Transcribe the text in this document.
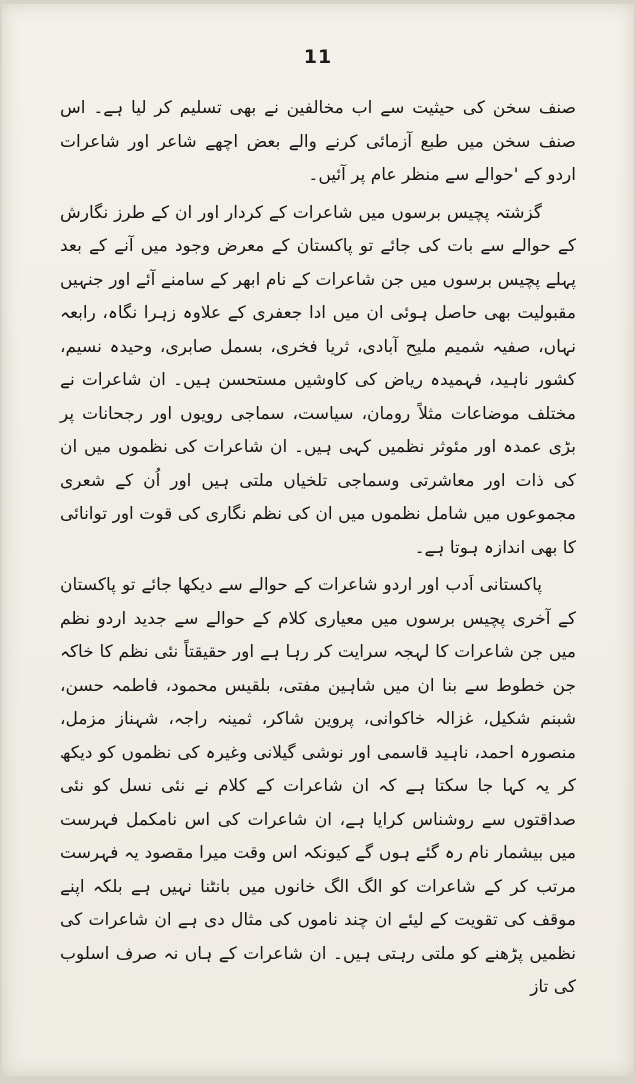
11

صنف سخن کی حیثیت سے اب مخالفین نے بھی تسلیم کر لیا ہے۔ اس صنف سخن میں طبع آزمائی کرنے والے بعض اچھے شاعر اور شاعرات اردو کے 'حوالے سے منظر عام پر آئیں۔

گزشتہ پچیس برسوں میں شاعرات کے کردار اور ان کے طرز نگارش کے حوالے سے بات کی جائے تو پاکستان کے معرض وجود میں آنے کے بعد پہلے پچیس برسوں میں جن شاعرات کے نام ابھر کے سامنے آئے اور جنہیں مقبولیت بھی حاصل ہوئی ان میں ادا جعفری کے علاوہ زہرا نگاہ، رابعہ نہاں، صفیہ شمیم ملیح آبادی، ثریا فخری، بسمل صابری، وحیدہ نسیم، کشور ناہید، فہمیدہ ریاض کی کاوشیں مستحسن ہیں۔ ان شاعرات نے مختلف موضاعات مثلاً رومان، سیاست، سماجی رویوں اور رجحانات پر بڑی عمدہ اور مئوثر نظمیں کہی ہیں۔ ان شاعرات کی نظموں میں ان کی ذات اور معاشرتی وسماجی تلخیاں ملتی ہیں اور اُن کے شعری مجموعوں میں شامل نظموں میں ان کی نظم نگاری کی قوت اور توانائی کا بھی اندازہ ہوتا ہے۔

پاکستانی اَدب اور اردو شاعرات کے حوالے سے دیکھا جائے تو پاکستان کے آخری پچیس برسوں میں معیاری کلام کے حوالے سے جدید اردو نظم میں جن شاعرات کا لہجہ سرایت کر رہا ہے اور حقیقتاً نئی نظم کا خاکہ جن خطوط سے بنا ان میں شاہین مفتی، بلقیس محمود، فاطمہ حسن، شبنم شکیل، غزالہ خاکوانی، پروین شاکر، ثمینہ راجہ، شہناز مزمل، منصورہ احمد، ناہید قاسمی اور نوشی گیلانی وغیرہ کی نظموں کو دیکھ کر یہ کہا جا سکتا ہے کہ ان شاعرات کے کلام نے نئی نسل کو نئی صداقتوں سے روشناس کرایا ہے، ان شاعرات کی اس نامکمل فہرست میں بیشمار نام رہ گئے ہوں گے کیونکہ اس وقت میرا مقصود یہ فہرست مرتب کر کے شاعرات کو الگ الگ خانوں میں بانٹنا نہیں ہے بلکہ اپنے موقف کی تقویت کے لیئے ان چند ناموں کی مثال دی ہے ان شاعرات کی نظمیں پڑھنے کو ملتی رہتی ہیں۔ ان شاعرات کے ہاں نہ صرف اسلوب کی تاز
